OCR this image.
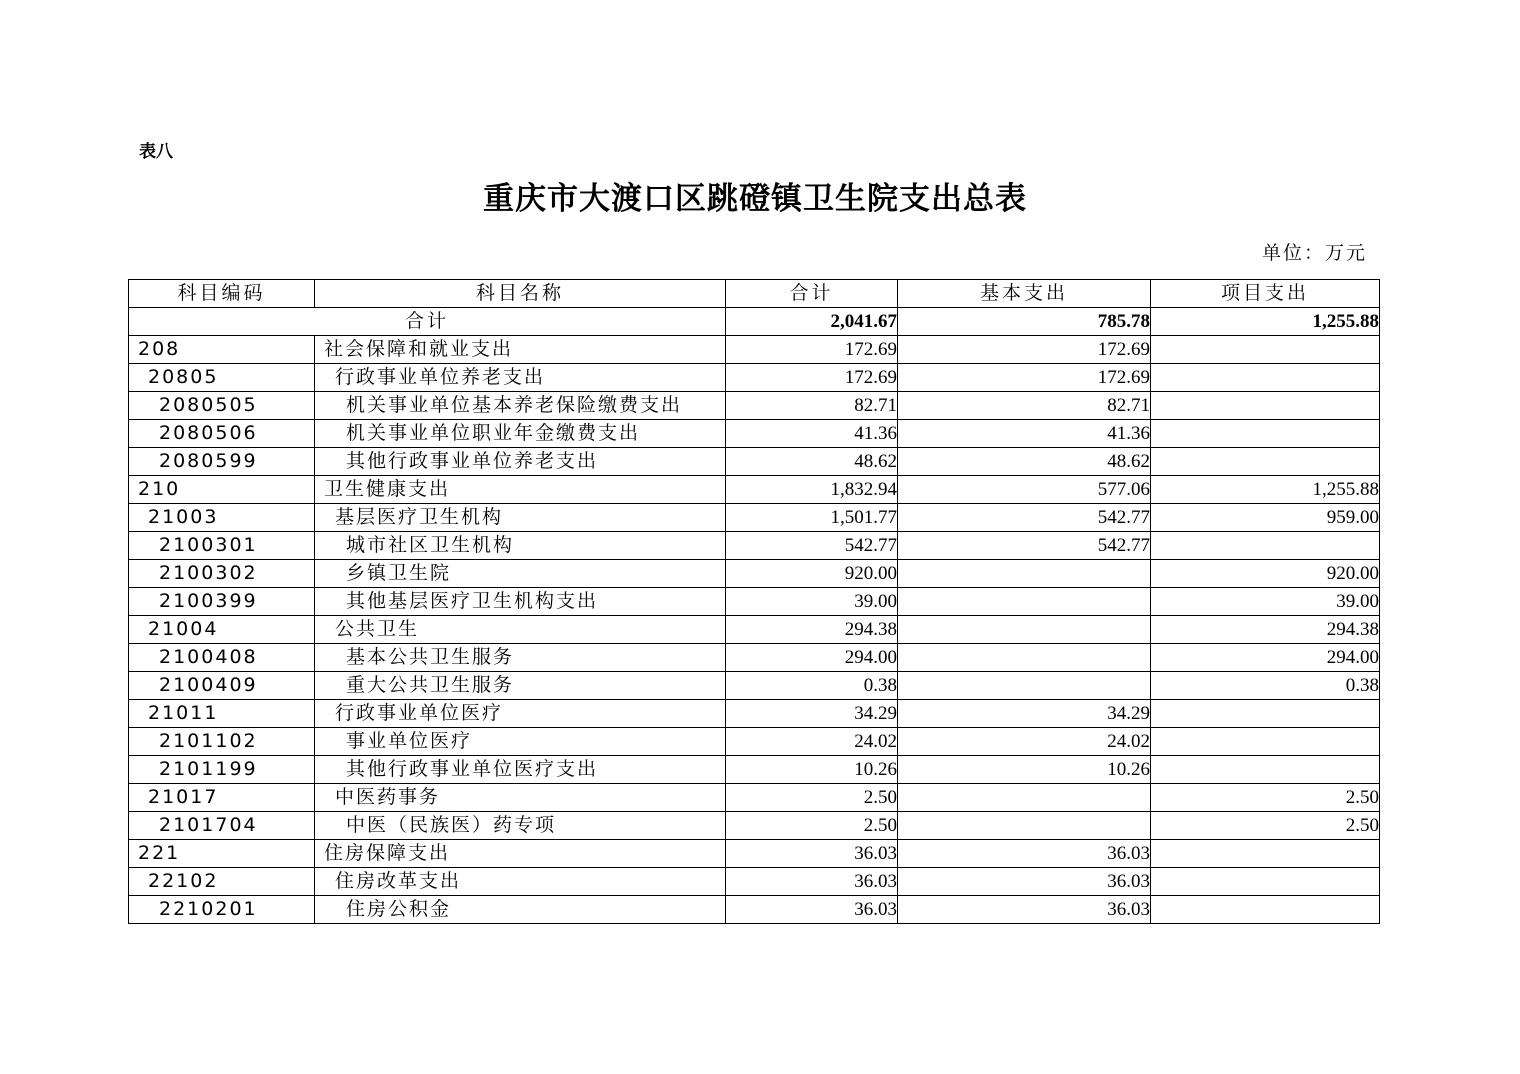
表八
重庆市大渡口区跳磴镇卫生院支出总表
单位：万元
科目编码	科目名称	合计	基本支出	项目支出
合计		2,041.67	785.78	1,255.88
208	社会保障和就业支出	172.69	172.69	
20805	行政事业单位养老支出	172.69	172.69	
2080505	机关事业单位基本养老保险缴费支出	82.71	82.71	
2080506	机关事业单位职业年金缴费支出	41.36	41.36	
2080599	其他行政事业单位养老支出	48.62	48.62	
210	卫生健康支出	1,832.94	577.06	1,255.88
21003	基层医疗卫生机构	1,501.77	542.77	959.00
2100301	城市社区卫生机构	542.77	542.77	
2100302	乡镇卫生院	920.00		920.00
2100399	其他基层医疗卫生机构支出	39.00		39.00
21004	公共卫生	294.38		294.38
2100408	基本公共卫生服务	294.00		294.00
2100409	重大公共卫生服务	0.38		0.38
21011	行政事业单位医疗	34.29	34.29	
2101102	事业单位医疗	24.02	24.02	
2101199	其他行政事业单位医疗支出	10.26	10.26	
21017	中医药事务	2.50		2.50
2101704	中医（民族医）药专项	2.50		2.50
221	住房保障支出	36.03	36.03	
22102	住房改革支出	36.03	36.03	
2210201	住房公积金	36.03	36.03	
